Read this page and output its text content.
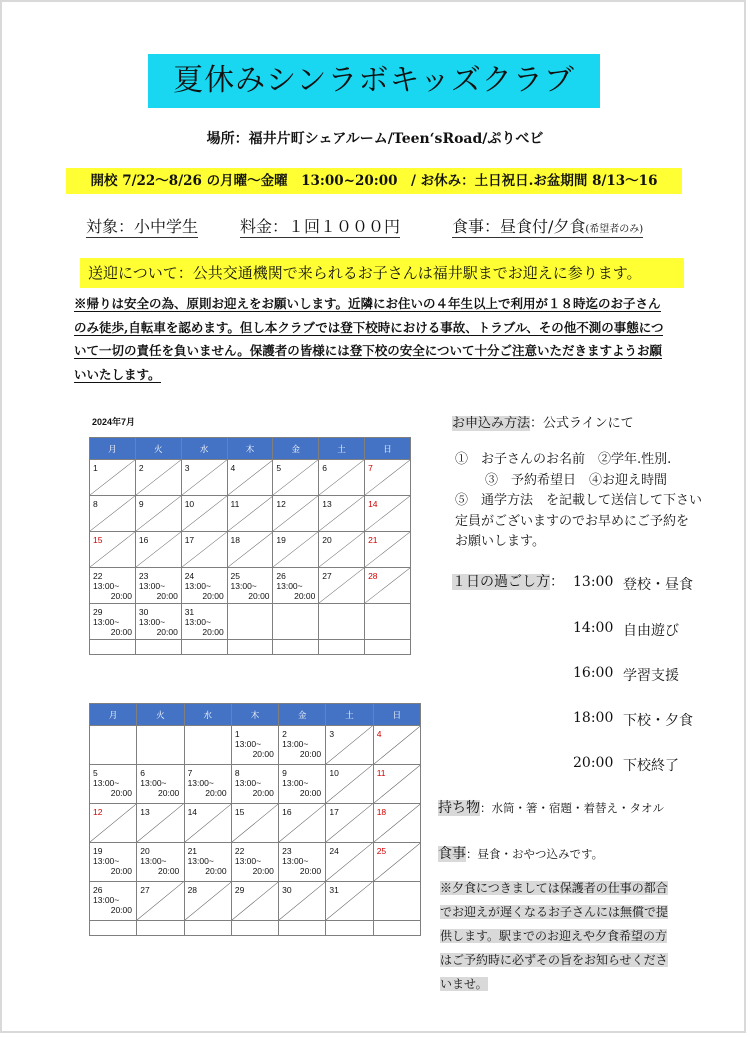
夏休みシンラボキッズクラブ
場所：福井片町シェアルーム/Teen‘sRoad/ぷりべビ
開校 7/22～8/26 の月曜～金曜　13:00~20:00　/ お休み：土日祝日.お盆期間 8/13～16
対象：小中学生	料金：１回１０００円	食事：昼食付/夕食(希望者のみ)
送迎について：公共交通機関で来られるお子さんは福井駅までお迎えに参ります。
※帰りは安全の為、原則お迎えをお願いします。近隣にお住いの４年生以上で利用が１８時迄のお子さん
のみ徒歩,自転車を認めます。但し本クラブでは登下校時における事故、トラブル、その他不測の事態につ
いて一切の責任を負いません。保護者の皆様には登下校の安全について十分ご注意いただきますようお願
いいたします。
2024年7月
月	火	水	木	金	土	日

1	2	3	4	5	6	7

8	9	10	11	12	13	14

15	16	17	18	19	20	21

22
13:00~
20:00	23
13:00~
20:00	24
13:00~
20:00	25
13:00~
20:00	26
13:00~
20:00	27	28

29
13:00~
20:00	30
13:00~
20:00	31
13:00~
20:00				

月	火	水	木	金	土	日

			1
13:00~
20:00	2
13:00~
20:00	3	4

5
13:00~
20:00	6
13:00~
20:00	7
13:00~
20:00	8
13:00~
20:00	9
13:00~
20:00	10	11

12	13	14	15	16	17	18

19
13:00~
20:00	20
13:00~
20:00	21
13:00~
20:00	22
13:00~
20:00	23
13:00~
20:00	24	25

26
13:00~
20:00	27	28	29	30	31	

お申込み方法：公式ラインにて
①　お子さんのお名前　②学年.性別.
③　予約希望日　④お迎え時間
⑤　通学方法　を記載して送信して下さい
定員がございますのでお早めにご予約を
お願いします。
１日の過ごし方： 13:00 登校・昼食
14:00 自由遊び
16:00 学習支援
18:00 下校・夕食
20:00 下校終了
持ち物：水筒・箸・宿題・着替え・タオル
食事：昼食・おやつ込みです。
※夕食につきましては保護者の仕事の都合
でお迎えが遅くなるお子さんには無償で提
供します。駅までのお迎えや夕食希望の方
はご予約時に必ずその旨をお知らせくださ
いませ。
